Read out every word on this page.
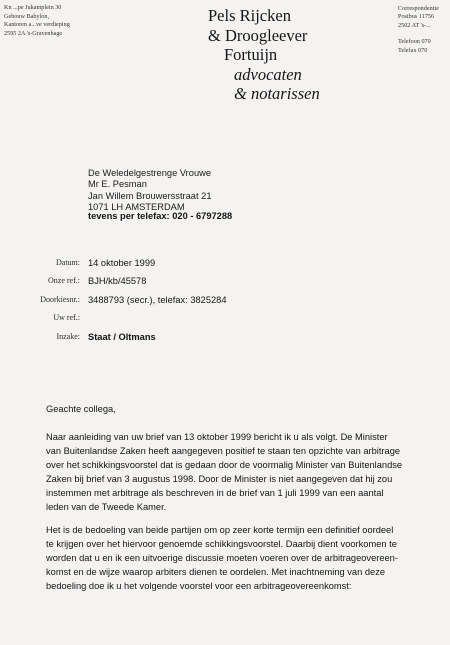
Kn ...pe Jukamplein 30
Gebouw Babylon,
Kantoren a...ve verdieping
2595 2A 's-Gravenhage
Pels Rijcken
& Droogleever
Fortuijn
advocaten
& notarissen
Correspondentie
Postbus 11756
2502 AT 's-...
Telefoon 070
Telefax 070
De Weledelgestrenge Vrouwe
Mr E. Pesman
Jan Willem Brouwersstraat 21
1071 LH AMSTERDAM
tevens per telefax: 020 - 6797288
Datum: 14 oktober 1999
Onze ref.: BJH/kb/45578
Doorkiesnr.: 3488793 (secr.), telefax: 3825284
Uw ref.:
Inzake: Staat / Oltmans
Geachte collega,
Naar aanleiding van uw brief van 13 oktober 1999 bericht ik u als volgt. De Minister
van Buitenlandse Zaken heeft aangegeven positief te staan ten opzichte van arbitrage
over het schikkingsvoorstel dat is gedaan door de voormalig Minister van Buitenlandse
Zaken bij brief van 3 augustus 1998. Door de Minister is niet aangegeven dat hij zou
instemmen met arbitrage als beschreven in de brief van 1 juli 1999 van een aantal
leden van de Tweede Kamer.
Het is de bedoeling van beide partijen om op zeer korte termijn een definitief oordeel
te krijgen over het hiervoor genoemde schikkingsvoorstel. Daarbij dient voorkomen te
worden dat u en ik een uitvoerige discussie moeten voeren over de arbitrageovereen-
komst en de wijze waarop arbiters dienen te oordelen. Met inachtneming van deze
bedoeling doe ik u het volgende voorstel voor een arbitrageovereenkomst:
